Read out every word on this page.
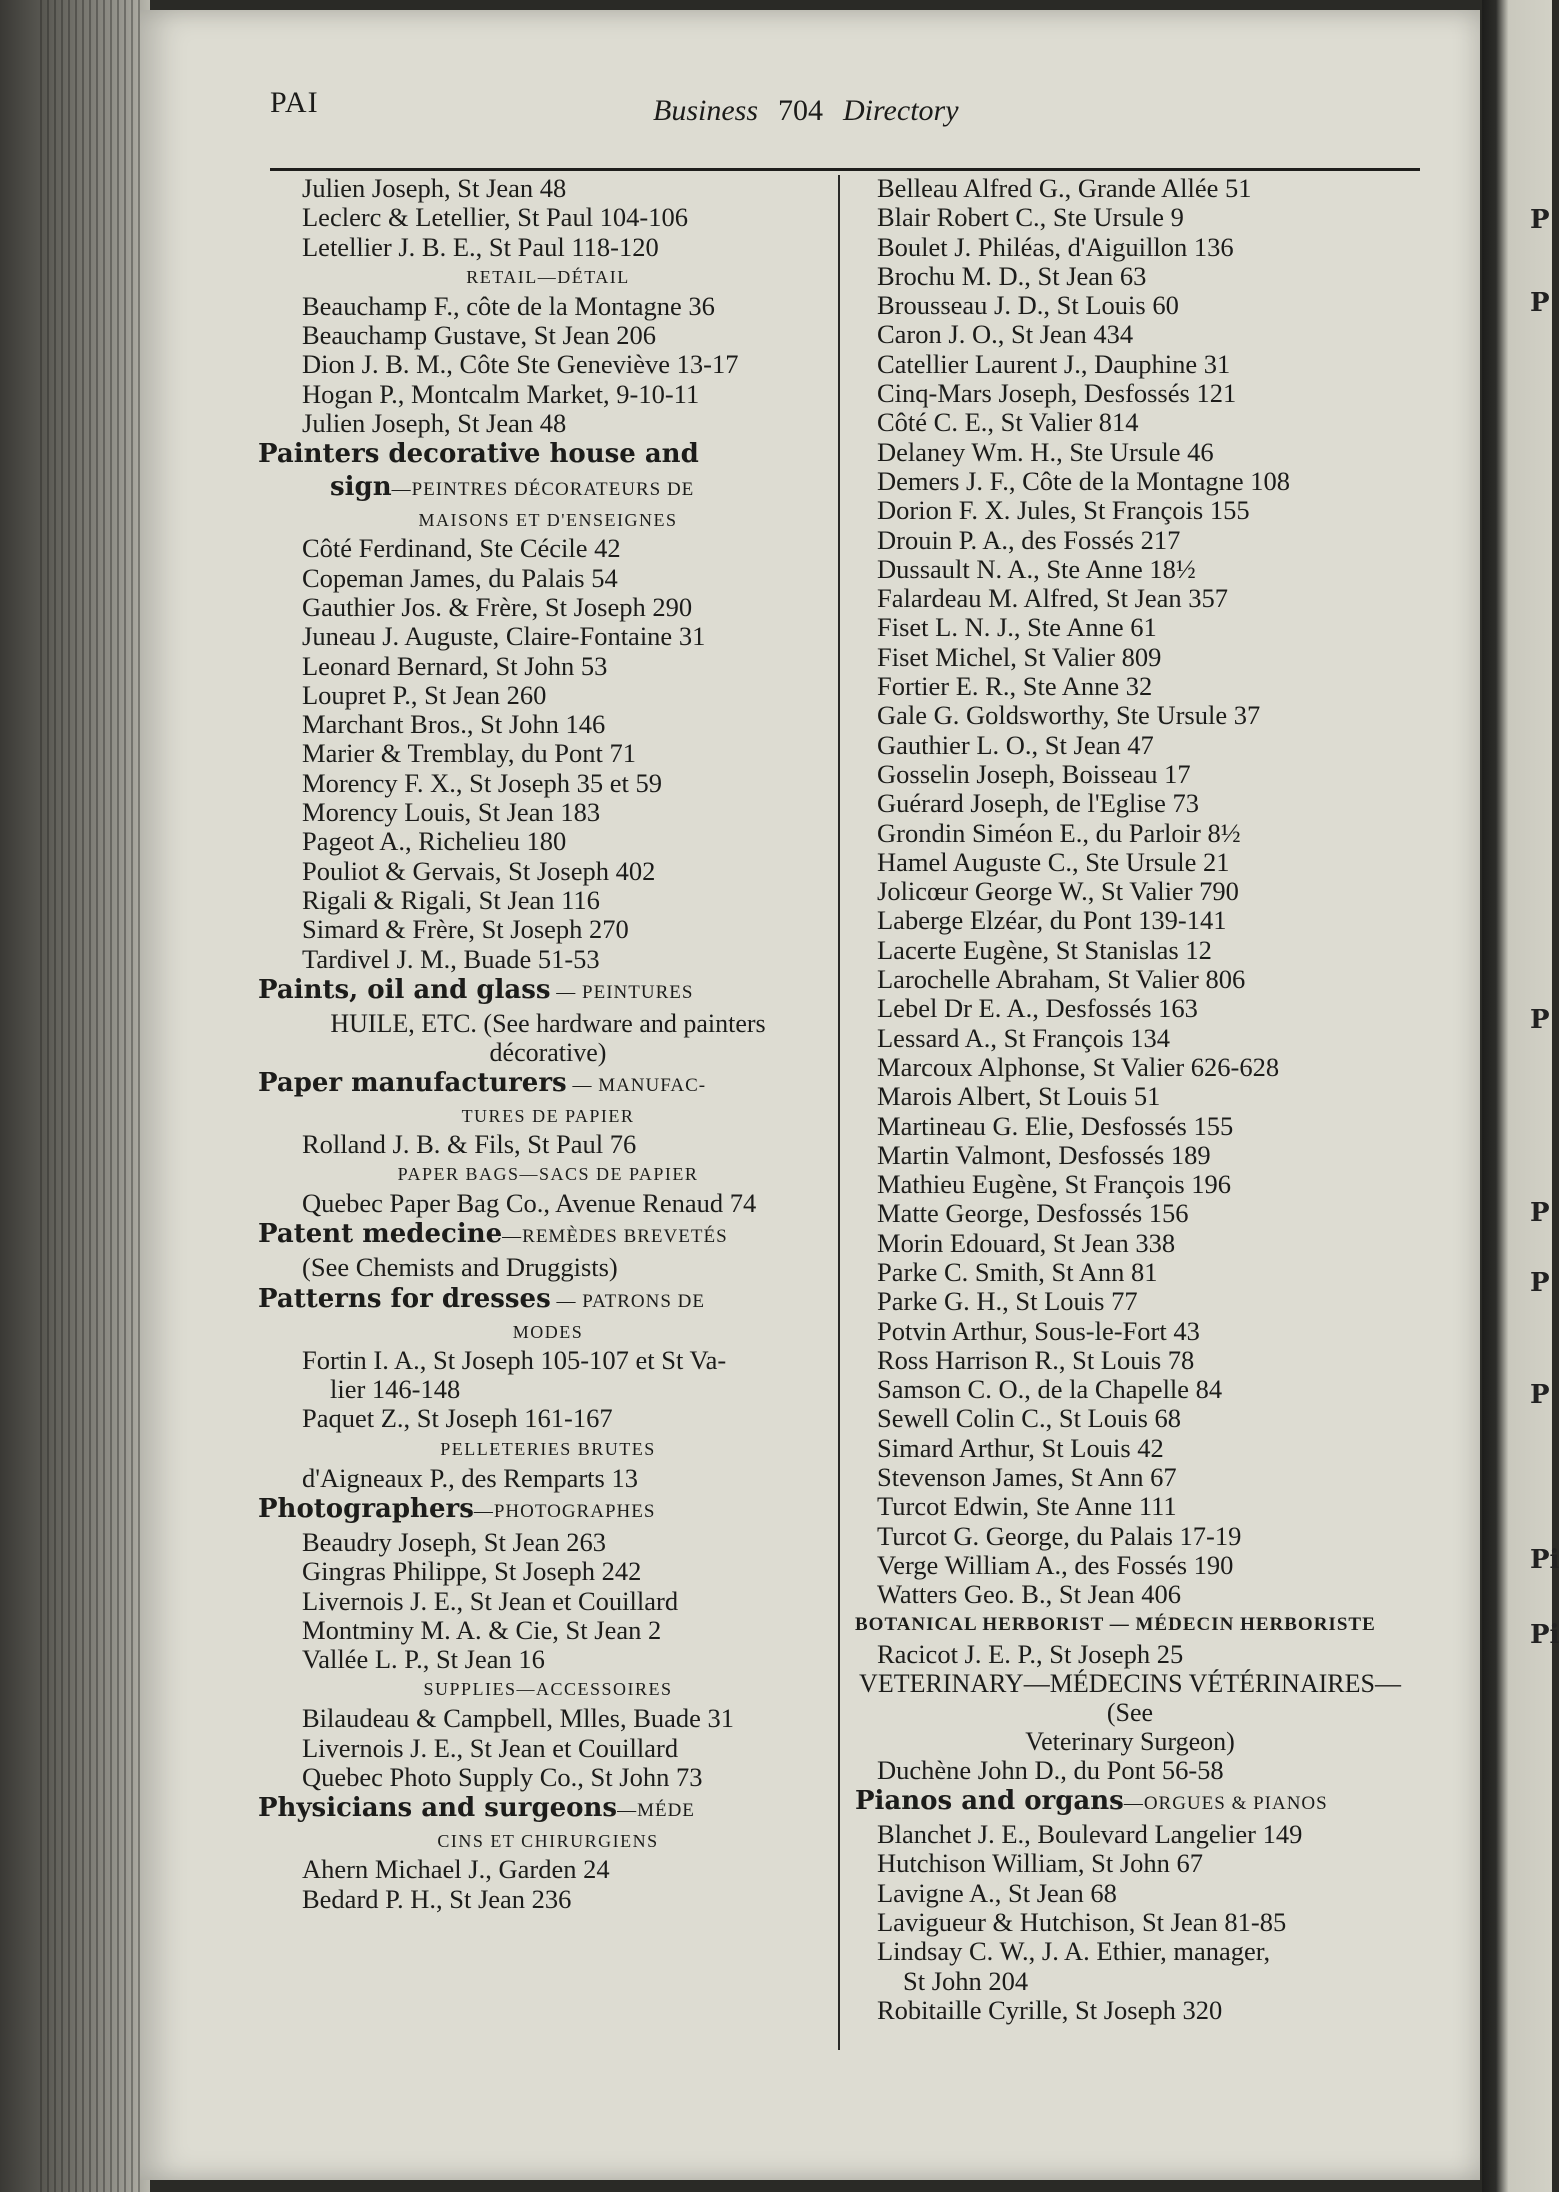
PAI	Business 704 Directory
Julien Joseph, St Jean 48
Leclerc & Letellier, St Paul 104-106
Letellier J. B. E., St Paul 118-120
RETAIL—DÉTAIL
Beauchamp F., côte de la Montagne 36
Beauchamp Gustave, St Jean 206
Dion J. B. M., Côte Ste Geneviève 13-17
Hogan P., Montcalm Market, 9-10-11
Julien Joseph, St Jean 48
Painters decorative house and
sign—PEINTRES DÉCORATEURS DE
MAISONS ET D'ENSEIGNES
Côté Ferdinand, Ste Cécile 42
Copeman James, du Palais 54
Gauthier Jos. & Frère, St Joseph 290
Juneau J. Auguste, Claire-Fontaine 31
Leonard Bernard, St John 53
Loupret P., St Jean 260
Marchant Bros., St John 146
Marier & Tremblay, du Pont 71
Morency F. X., St Joseph 35 et 59
Morency Louis, St Jean 183
Pageot A., Richelieu 180
Pouliot & Gervais, St Joseph 402
Rigali & Rigali, St Jean 116
Simard & Frère, St Joseph 270
Tardivel J. M., Buade 51-53
Paints, oil and glass — PEINTURES
HUILE, ETC. (See hardware and painters
décorative)
Paper manufacturers — MANUFAC-
TURES DE PAPIER
Rolland J. B. & Fils, St Paul 76
PAPER BAGS—SACS DE PAPIER
Quebec Paper Bag Co., Avenue Renaud 74
Patent medecine—REMÈDES BREVETÉS
(See Chemists and Druggists)
Patterns for dresses — PATRONS DE
MODES
Fortin I. A., St Joseph 105-107 et St Va-
lier 146-148
Paquet Z., St Joseph 161-167
PELLETERIES BRUTES
d'Aigneaux P., des Remparts 13
Photographers—PHOTOGRAPHES
Beaudry Joseph, St Jean 263
Gingras Philippe, St Joseph 242
Livernois J. E., St Jean et Couillard
Montminy M. A. & Cie, St Jean 2
Vallée L. P., St Jean 16
SUPPLIES—ACCESSOIRES
Bilaudeau & Campbell, Mlles, Buade 31
Livernois J. E., St Jean et Couillard
Quebec Photo Supply Co., St John 73
Physicians and surgeons—MÉDE
CINS ET CHIRURGIENS
Ahern Michael J., Garden 24
Bedard P. H., St Jean 236
Belleau Alfred G., Grande Allée 51
Blair Robert C., Ste Ursule 9
Boulet J. Philéas, d'Aiguillon 136
Brochu M. D., St Jean 63
Brousseau J. D., St Louis 60
Caron J. O., St Jean 434
Catellier Laurent J., Dauphine 31
Cinq-Mars Joseph, Desfossés 121
Côté C. E., St Valier 814
Delaney Wm. H., Ste Ursule 46
Demers J. F., Côte de la Montagne 108
Dorion F. X. Jules, St François 155
Drouin P. A., des Fossés 217
Dussault N. A., Ste Anne 18½
Falardeau M. Alfred, St Jean 357
Fiset L. N. J., Ste Anne 61
Fiset Michel, St Valier 809
Fortier E. R., Ste Anne 32
Gale G. Goldsworthy, Ste Ursule 37
Gauthier L. O., St Jean 47
Gosselin Joseph, Boisseau 17
Guérard Joseph, de l'Eglise 73
Grondin Siméon E., du Parloir 8½
Hamel Auguste C., Ste Ursule 21
Jolicœur George W., St Valier 790
Laberge Elzéar, du Pont 139-141
Lacerte Eugène, St Stanislas 12
Larochelle Abraham, St Valier 806
Lebel Dr E. A., Desfossés 163
Lessard A., St François 134
Marcoux Alphonse, St Valier 626-628
Marois Albert, St Louis 51
Martineau G. Elie, Desfossés 155
Martin Valmont, Desfossés 189
Mathieu Eugène, St François 196
Matte George, Desfossés 156
Morin Edouard, St Jean 338
Parke C. Smith, St Ann 81
Parke G. H., St Louis 77
Potvin Arthur, Sous-le-Fort 43
Ross Harrison R., St Louis 78
Samson C. O., de la Chapelle 84
Sewell Colin C., St Louis 68
Simard Arthur, St Louis 42
Stevenson James, St Ann 67
Turcot Edwin, Ste Anne 111
Turcot G. George, du Palais 17-19
Verge William A., des Fossés 190
Watters Geo. B., St Jean 406
BOTANICAL HERBORIST — MÉDECIN HERBORISTE
Racicot J. E. P., St Joseph 25
VETERINARY—MÉDECINS VÉTÉRINAIRES—(See
Veterinary Surgeon)
Duchène John D., du Pont 56-58
Pianos and organs—ORGUES & PIANOS
Blanchet J. E., Boulevard Langelier 149
Hutchison William, St John 67
Lavigne A., St Jean 68
Lavigueur & Hutchison, St Jean 81-85
Lindsay C. W., J. A. Ethier, manager,
St John 204
Robitaille Cyrille, St Joseph 320
P
P
P
P
P
P
Pi
Pi
